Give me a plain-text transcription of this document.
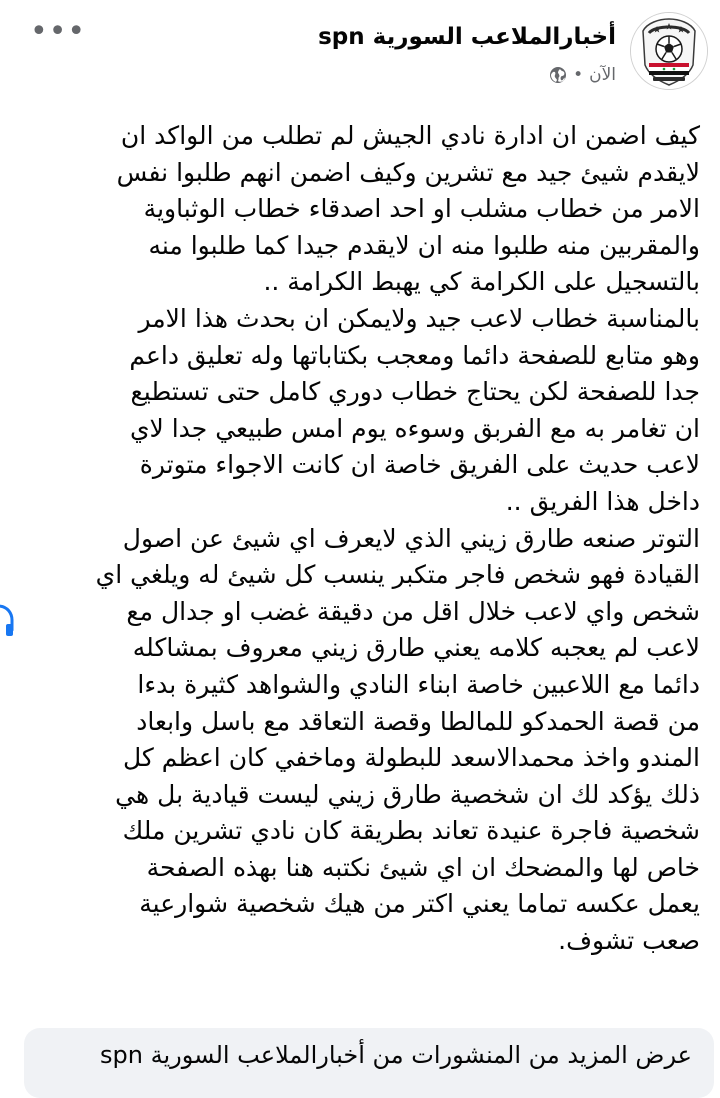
•••	أخبارالملاعب السورية spn
الآن
•

كيف اضمن ان ادارة نادي الجيش لم تطلب من الواكد ان

لايقدم شيئ جيد مع تشرين وكيف اضمن انهم طلبوا نفس

الامر من خطاب مشلب او احد اصدقاء خطاب الوثباوية

والمقربين منه طلبوا منه ان لايقدم جيدا كما طلبوا منه

بالتسجيل على الكرامة كي يهبط الكرامة ..

بالمناسبة خطاب لاعب جيد ولايمكن ان بحدث هذا الامر

وهو متابع للصفحة دائما ومعجب بكتاباتها وله تعليق داعم

جدا للصفحة لكن يحتاج خطاب دوري كامل حتى تستطيع

ان تغامر به مع الفربق وسوءه يوم امس طبيعي جدا لاي

لاعب حديث على الفريق خاصة ان كانت الاجواء متوترة

داخل هذا الفريق ..

التوتر صنعه طارق زيني الذي لايعرف اي شيئ عن اصول

القيادة فهو شخص فاجر متكبر ينسب كل شيئ له ويلغي اي

شخص واي لاعب خلال اقل من دقيقة غضب او جدال مع

لاعب لم يعجبه كلامه يعني طارق زيني معروف بمشاكله

دائما مع اللاعبين خاصة ابناء النادي والشواهد كثيرة بدءا

من قصة الحمدكو للمالطا وقصة التعاقد مع باسل وابعاد

المندو واخذ محمدالاسعد للبطولة وماخفي كان اعظم كل

ذلك يؤكد لك ان شخصية طارق زيني ليست قيادية بل هي

شخصية فاجرة عنيدة تعاند بطريقة كان نادي تشرين ملك

خاص لها والمضحك ان اي شيئ نكتبه هنا بهذه الصفحة

يعمل عكسه تماما يعني اكتر من هيك شخصية شوارعية

صعب تشوف.

عرض المزيد من المنشورات من أخبارالملاعب السورية spn
